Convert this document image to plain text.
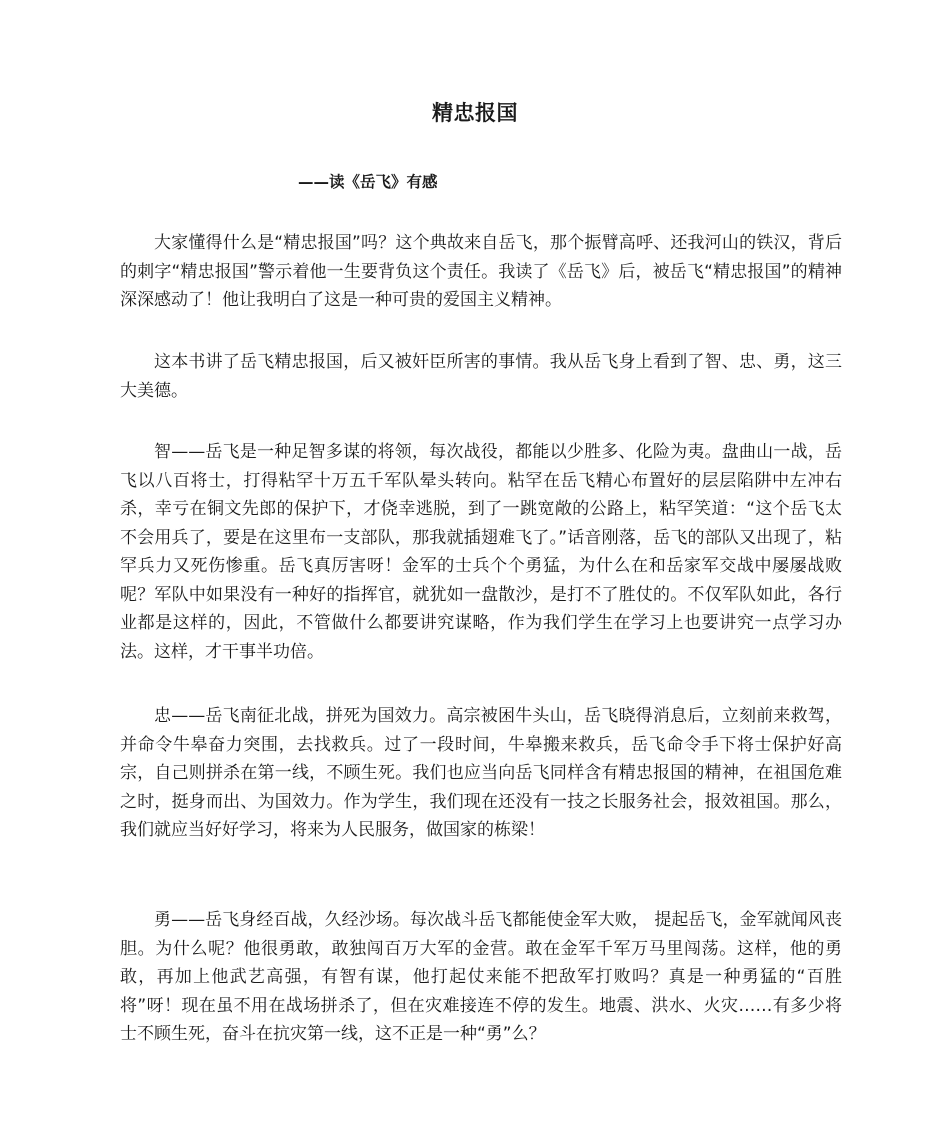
精忠报国
——读《岳飞》有感

大家懂得什么是“精忠报国”吗？这个典故来自岳飞，那个振臂高呼、还我河山的铁汉，背后的刺字“精忠报国”警示着他一生要背负这个责任。我读了《岳飞》后，被岳飞“精忠报国”的精神深深感动了！他让我明白了这是一种可贵的爱国主义精神。

这本书讲了岳飞精忠报国，后又被奸臣所害的事情。我从岳飞身上看到了智、忠、勇，这三大美德。

智——岳飞是一种足智多谋的将领，每次战役，都能以少胜多、化险为夷。盘曲山一战，岳飞以八百将士，打得粘罕十万五千军队晕头转向。粘罕在岳飞精心布置好的层层陷阱中左冲右杀，幸亏在铜文先郎的保护下，才侥幸逃脱，到了一跳宽敞的公路上，粘罕笑道：“这个岳飞太不会用兵了，要是在这里布一支部队，那我就插翅难飞了。”话音刚落，岳飞的部队又出现了，粘罕兵力又死伤惨重。岳飞真厉害呀！金军的士兵个个勇猛，为什么在和岳家军交战中屡屡战败呢？军队中如果没有一种好的指挥官，就犹如一盘散沙，是打不了胜仗的。不仅军队如此，各行业都是这样的，因此，不管做什么都要讲究谋略，作为我们学生在学习上也要讲究一点学习办法。这样，才干事半功倍。

忠——岳飞南征北战，拼死为国效力。高宗被困牛头山，岳飞晓得消息后，立刻前来救驾，并命令牛皋奋力突围，去找救兵。过了一段时间，牛皋搬来救兵，岳飞命令手下将士保护好高宗，自己则拼杀在第一线，不顾生死。我们也应当向岳飞同样含有精忠报国的精神，在祖国危难之时，挺身而出、为国效力。作为学生，我们现在还没有一技之长服务社会，报效祖国。那么，我们就应当好好学习，将来为人民服务，做国家的栋梁！

勇——岳飞身经百战，久经沙场。每次战斗岳飞都能使金军大败， 提起岳飞，金军就闻风丧胆。为什么呢？他很勇敢，敢独闯百万大军的金营。敢在金军千军万马里闯荡。这样，他的勇敢，再加上他武艺高强，有智有谋，他打起仗来能不把敌军打败吗？真是一种勇猛的“百胜将”呀！现在虽不用在战场拼杀了，但在灾难接连不停的发生。地震、洪水、火灾……有多少将士不顾生死，奋斗在抗灾第一线，这不正是一种“勇”么？
